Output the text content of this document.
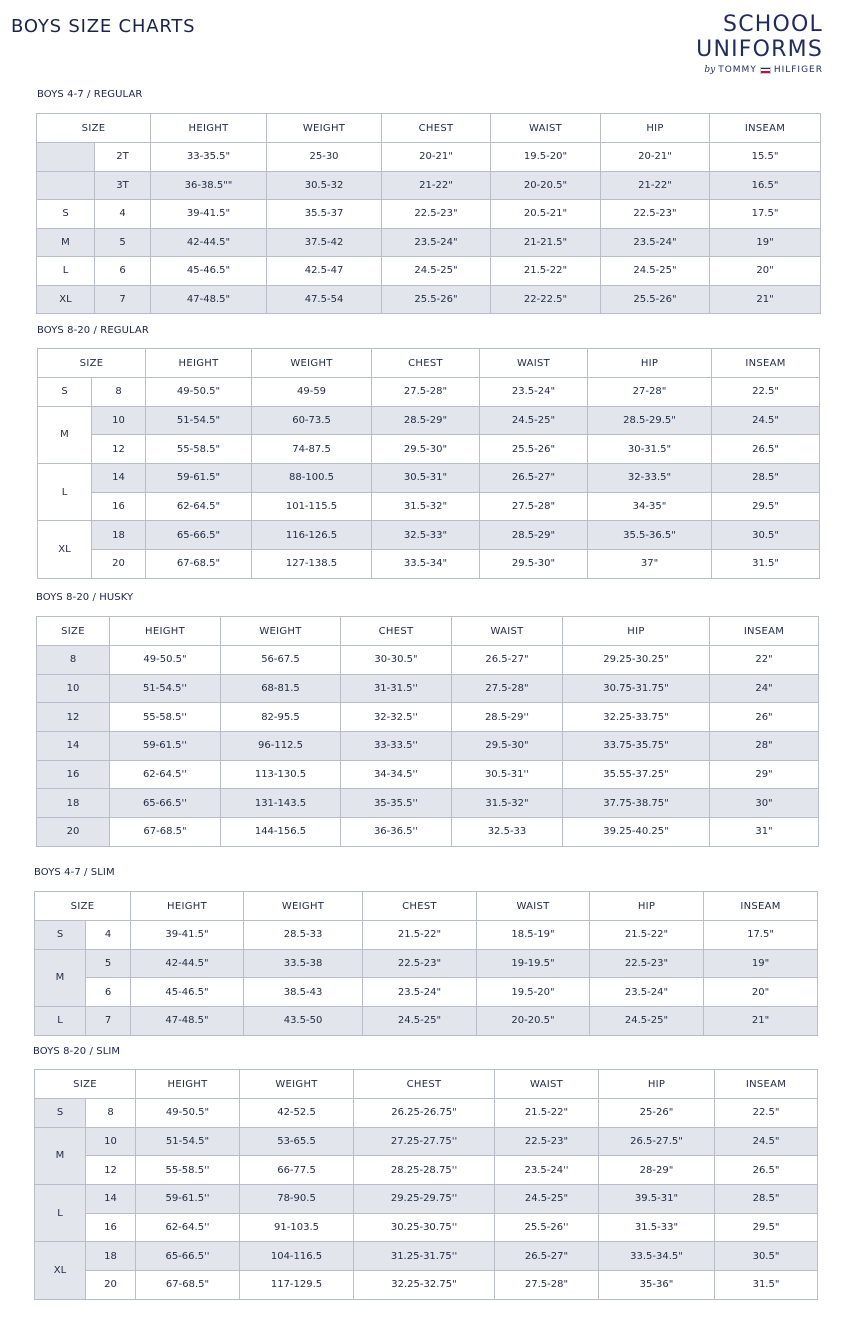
BOYS SIZE CHARTS	SCHOOL
UNIFORMS
by TOMMY HILFIGER
BOYS 4-7 / REGULAR
SIZE		HEIGHT	WEIGHT	CHEST	WAIST	HIP	INSEAM
	2T	33-35.5"	25-30	20-21"	19.5-20"	20-21"	15.5"
	3T	36-38.5""	30.5-32	21-22"	20-20.5"	21-22"	16.5"
S	4	39-41.5"	35.5-37	22.5-23"	20.5-21"	22.5-23"	17.5"
M	5	42-44.5"	37.5-42	23.5-24"	21-21.5"	23.5-24"	19"
L	6	45-46.5"	42.5-47	24.5-25"	21.5-22"	24.5-25"	20"
XL	7	47-48.5"	47.5-54	25.5-26"	22-22.5"	25.5-26"	21"
BOYS 8-20 / REGULAR
SIZE		HEIGHT	WEIGHT	CHEST	WAIST	HIP	INSEAM
S	8	49-50.5"	49-59	27.5-28"	23.5-24"	27-28"	22.5"
M	10	51-54.5"	60-73.5	28.5-29"	24.5-25"	28.5-29.5"	24.5"
	12	55-58.5"	74-87.5	29.5-30"	25.5-26"	30-31.5"	26.5"
L	14	59-61.5"	88-100.5	30.5-31"	26.5-27"	32-33.5"	28.5"
	16	62-64.5"	101-115.5	31.5-32"	27.5-28"	34-35"	29.5"
XL	18	65-66.5"	116-126.5	32.5-33"	28.5-29"	35.5-36.5"	30.5"
	20	67-68.5"	127-138.5	33.5-34"	29.5-30"	37"	31.5"
BOYS 8-20 / HUSKY
SIZE	HEIGHT	WEIGHT	CHEST	WAIST	HIP	INSEAM
8	49-50.5"	56-67.5	30-30.5"	26.5-27"	29.25-30.25"	22"
10	51-54.5''	68-81.5	31-31.5''	27.5-28"	30.75-31.75"	24"
12	55-58.5''	82-95.5	32-32.5''	28.5-29''	32.25-33.75"	26"
14	59-61.5''	96-112.5	33-33.5''	29.5-30"	33.75-35.75"	28"
16	62-64.5''	113-130.5	34-34.5''	30.5-31''	35.55-37.25"	29"
18	65-66.5''	131-143.5	35-35.5''	31.5-32"	37.75-38.75"	30"
20	67-68.5"	144-156.5	36-36.5''	32.5-33	39.25-40.25"	31"
BOYS 4-7 / SLIM
SIZE		HEIGHT	WEIGHT	CHEST	WAIST	HIP	INSEAM
S	4	39-41.5"	28.5-33	21.5-22"	18.5-19"	21.5-22"	17.5"
M	5	42-44.5"	33.5-38	22.5-23"	19-19.5"	22.5-23"	19"
	6	45-46.5"	38.5-43	23.5-24"	19.5-20"	23.5-24"	20"
L	7	47-48.5"	43.5-50	24.5-25"	20-20.5"	24.5-25"	21"
BOYS 8-20 / SLIM
SIZE		HEIGHT	WEIGHT	CHEST	WAIST	HIP	INSEAM
S	8	49-50.5"	42-52.5	26.25-26.75"	21.5-22"	25-26"	22.5"
M	10	51-54.5"	53-65.5	27.25-27.75''	22.5-23"	26.5-27.5"	24.5"
	12	55-58.5''	66-77.5	28.25-28.75''	23.5-24''	28-29"	26.5"
L	14	59-61.5''	78-90.5	29.25-29.75''	24.5-25"	39.5-31"	28.5"
	16	62-64.5''	91-103.5	30.25-30.75''	25.5-26''	31.5-33"	29.5"
XL	18	65-66.5''	104-116.5	31.25-31.75''	26.5-27"	33.5-34.5"	30.5"
	20	67-68.5"	117-129.5	32.25-32.75"	27.5-28"	35-36"	31.5"
